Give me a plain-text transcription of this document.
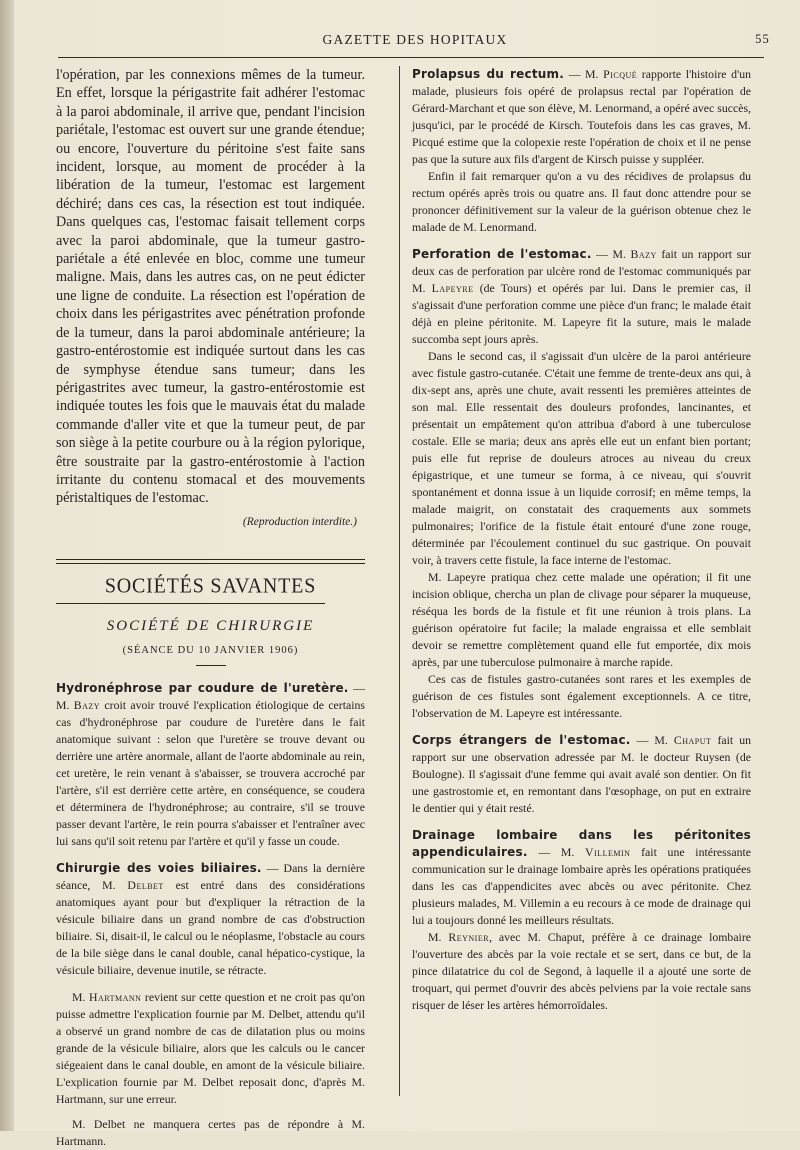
GAZETTE DES HOPITAUX	55

l'opération, par les connexions mêmes de la tumeur. En effet, lorsque la périgastrite fait adhérer l'estomac à la paroi abdominale, il arrive que, pendant l'incision pariétale, l'estomac est ouvert sur une grande étendue; ou encore, l'ouverture du péritoine s'est faite sans incident, lorsque, au moment de procéder à la libération de la tumeur, l'estomac est largement déchiré; dans ces cas, la résection est tout indiquée. Dans quelques cas, l'estomac faisait tellement corps avec la paroi abdominale, que la tumeur gastro-pariétale a été enlevée en bloc, comme une tumeur maligne. Mais, dans les autres cas, on ne peut édicter une ligne de conduite. La résection est l'opération de choix dans les périgastrites avec pénétration profonde de la tumeur, dans la paroi abdominale antérieure; la gastro-entérostomie est indiquée surtout dans les cas de symphyse étendue sans tumeur; dans les périgastrites avec tumeur, la gastro-entérostomie est indiquée toutes les fois que le mauvais état du malade commande d'aller vite et que la tumeur peut, de par son siège à la petite courbure ou à la région pylorique, être soustraite par la gastro-entérostomie à l'action irritante du contenu stomacal et des mouvements péristaltiques de l'estomac.

(Reproduction interdite.)

SOCIÉTÉS SAVANTES
SOCIÉTÉ DE CHIRURGIE
(SÉANCE DU 10 JANVIER 1906)
Hydronéphrose par coudure de l'uretère. — M. Bazy croit avoir trouvé l'explication étiologique de certains cas d'hydronéphrose par coudure de l'uretère dans le fait anatomique suivant : selon que l'uretère se trouve devant ou derrière une artère anormale, allant de l'aorte abdominale au rein, cet uretère, le rein venant à s'abaisser, se trouvera accroché par l'artère, s'il est derrière cette artère, en conséquence, se coudera et déterminera de l'hydronéphrose; au contraire, s'il se trouve passer devant l'artère, le rein pourra s'abaisser et l'entraîner avec lui sans qu'il soit retenu par l'artère et qu'il y fasse un coude.
Chirurgie des voies biliaires. — Dans la dernière séance, M. Delbet est entré dans des considérations anatomiques ayant pour but d'expliquer la rétraction de la vésicule biliaire dans un grand nombre de cas d'obstruction biliaire. Si, disait-il, le calcul ou le néoplasme, l'obstacle au cours de la bile siège dans le canal double, canal hépatico-cystique, la vésicule biliaire, devenue inutile, se rétracte.

M. Hartmann revient sur cette question et ne croit pas qu'on puisse admettre l'explication fournie par M. Delbet, attendu qu'il a observé un grand nombre de cas de dilatation plus ou moins grande de la vésicule biliaire, alors que les calculs ou le cancer siégeaient dans le canal double, en amont de la vésicule biliaire. L'explication fournie par M. Delbet reposait donc, d'après M. Hartmann, sur une erreur.

M. Delbet ne manquera certes pas de répondre à M. Hartmann.

Prolapsus du rectum. — M. Picqué rapporte l'histoire d'un malade, plusieurs fois opéré de prolapsus rectal par l'opération de Gérard-Marchant et que son élève, M. Lenormand, a opéré avec succès, jusqu'ici, par le procédé de Kirsch. Toutefois dans les cas graves, M. Picqué estime que la colopexie reste l'opération de choix et il ne pense pas que la suture aux fils d'argent de Kirsch puisse y suppléer.

Enfin il fait remarquer qu'on a vu des récidives de prolapsus du rectum opérés après trois ou quatre ans. Il faut donc attendre pour se prononcer définitivement sur la valeur de la guérison obtenue chez le malade de M. Lenormand.

Perforation de l'estomac. — M. Bazy fait un rapport sur deux cas de perforation par ulcère rond de l'estomac communiqués par M. Lapeyre (de Tours) et opérés par lui. Dans le premier cas, il s'agissait d'une perforation comme une pièce d'un franc; le malade était déjà en pleine péritonite. M. Lapeyre fit la suture, mais le malade succomba sept jours après.

Dans le second cas, il s'agissait d'un ulcère de la paroi antérieure avec fistule gastro-cutanée. C'était une femme de trente-deux ans qui, à dix-sept ans, après une chute, avait ressenti les premières atteintes de son mal. Elle ressentait des douleurs profondes, lancinantes, et présentait un empâtement qu'on attribua d'abord à une tuberculose costale. Elle se maria; deux ans après elle eut un enfant bien portant; puis elle fut reprise de douleurs atroces au niveau du creux épigastrique, et une tumeur se forma, à ce niveau, qui s'ouvrit spontanément et donna issue à un liquide corrosif; en même temps, la malade maigrit, on constatait des craquements aux sommets pulmonaires; l'orifice de la fistule était entouré d'une zone rouge, déterminée par l'écoulement continuel du suc gastrique. On pouvait voir, à travers cette fistule, la face interne de l'estomac.

M. Lapeyre pratiqua chez cette malade une opération; il fit une incision oblique, chercha un plan de clivage pour séparer la muqueuse, réséqua les bords de la fistule et fit une réunion à trois plans. La guérison opératoire fut facile; la malade engraissa et elle semblait devoir se remettre complètement quand elle fut emportée, dix mois après, par une tuberculose pulmonaire à marche rapide.

Ces cas de fistules gastro-cutanées sont rares et les exemples de guérison de ces fistules sont également exceptionnels. A ce titre, l'observation de M. Lapeyre est intéressante.

Corps étrangers de l'estomac. — M. Chaput fait un rapport sur une observation adressée par M. le docteur Ruysen (de Boulogne). Il s'agissait d'une femme qui avait avalé son dentier. On fit une gastrostomie et, en remontant dans l'œsophage, on put en extraire le dentier qui y était resté.

Drainage lombaire dans les péritonites appendiculaires. — M. Villemin fait une intéressante communication sur le drainage lombaire après les opérations pratiquées dans les cas d'appendicites avec abcès ou avec péritonite. Chez plusieurs malades, M. Villemin a eu recours à ce mode de drainage qui lui a toujours donné les meilleurs résultats.

M. Reynier, avec M. Chaput, préfère à ce drainage lombaire l'ouverture des abcès par la voie rectale et se sert, dans ce but, de la pince dilatatrice du col de Segond, à laquelle il a ajouté une sorte de troquart, qui permet d'ouvrir des abcès pelviens par la voie rectale sans risquer de léser les artères hémorroïdales.
